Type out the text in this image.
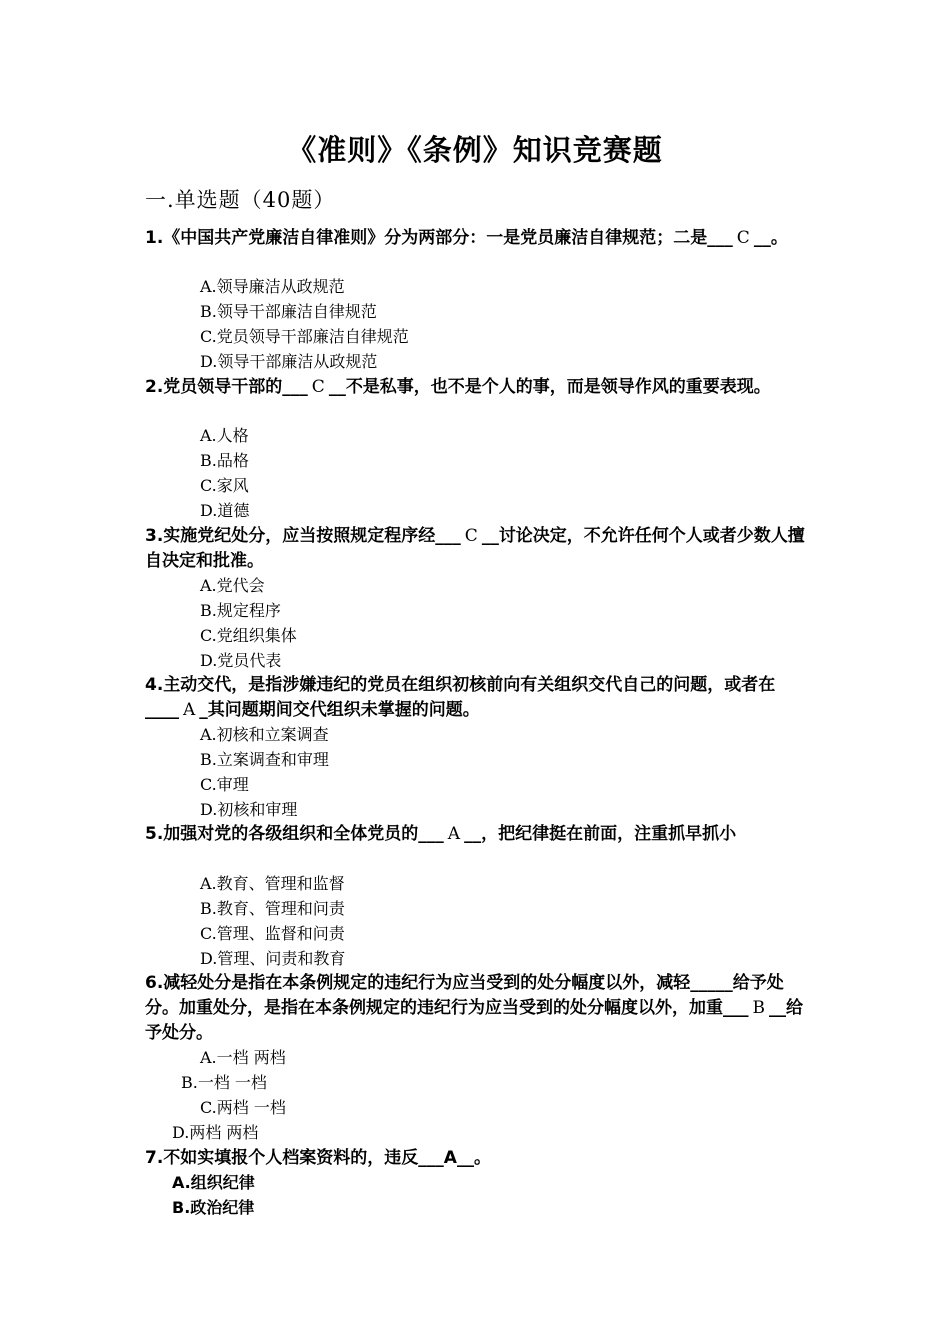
《准则》《条例》知识竞赛题
一.单选题（40题）
1.《中国共产党廉洁自律准则》分为两部分：一是党员廉洁自律规范；二是___ C __。
A.领导廉洁从政规范
B.领导干部廉洁自律规范
C.党员领导干部廉洁自律规范
D.领导干部廉洁从政规范
2.党员领导干部的___ C __不是私事，也不是个人的事，而是领导作风的重要表现。
A.人格
B.品格
C.家风
D.道德
3.实施党纪处分，应当按照规定程序经___ C __讨论决定，不允许任何个人或者少数人擅自决定和批准。
A.党代会
B.规定程序
C.党组织集体
D.党员代表
4.主动交代，是指涉嫌违纪的党员在组织初核前向有关组织交代自己的问题，或者在____ A _其问题期间交代组织未掌握的问题。
A.初核和立案调查
B.立案调查和审理
C.审理
D.初核和审理
5.加强对党的各级组织和全体党员的___ A __，把纪律挺在前面，注重抓早抓小
A.教育、管理和监督
B.教育、管理和问责
C.管理、监督和问责
D.管理、问责和教育
6.减轻处分是指在本条例规定的违纪行为应当受到的处分幅度以外，减轻_____给予处分。加重处分，是指在本条例规定的违纪行为应当受到的处分幅度以外，加重___ B __给予处分。
A.一档 两档
B.一档 一档
C.两档 一档
D.两档 两档
7.不如实填报个人档案资料的，违反___A__。
A.组织纪律
B.政治纪律
